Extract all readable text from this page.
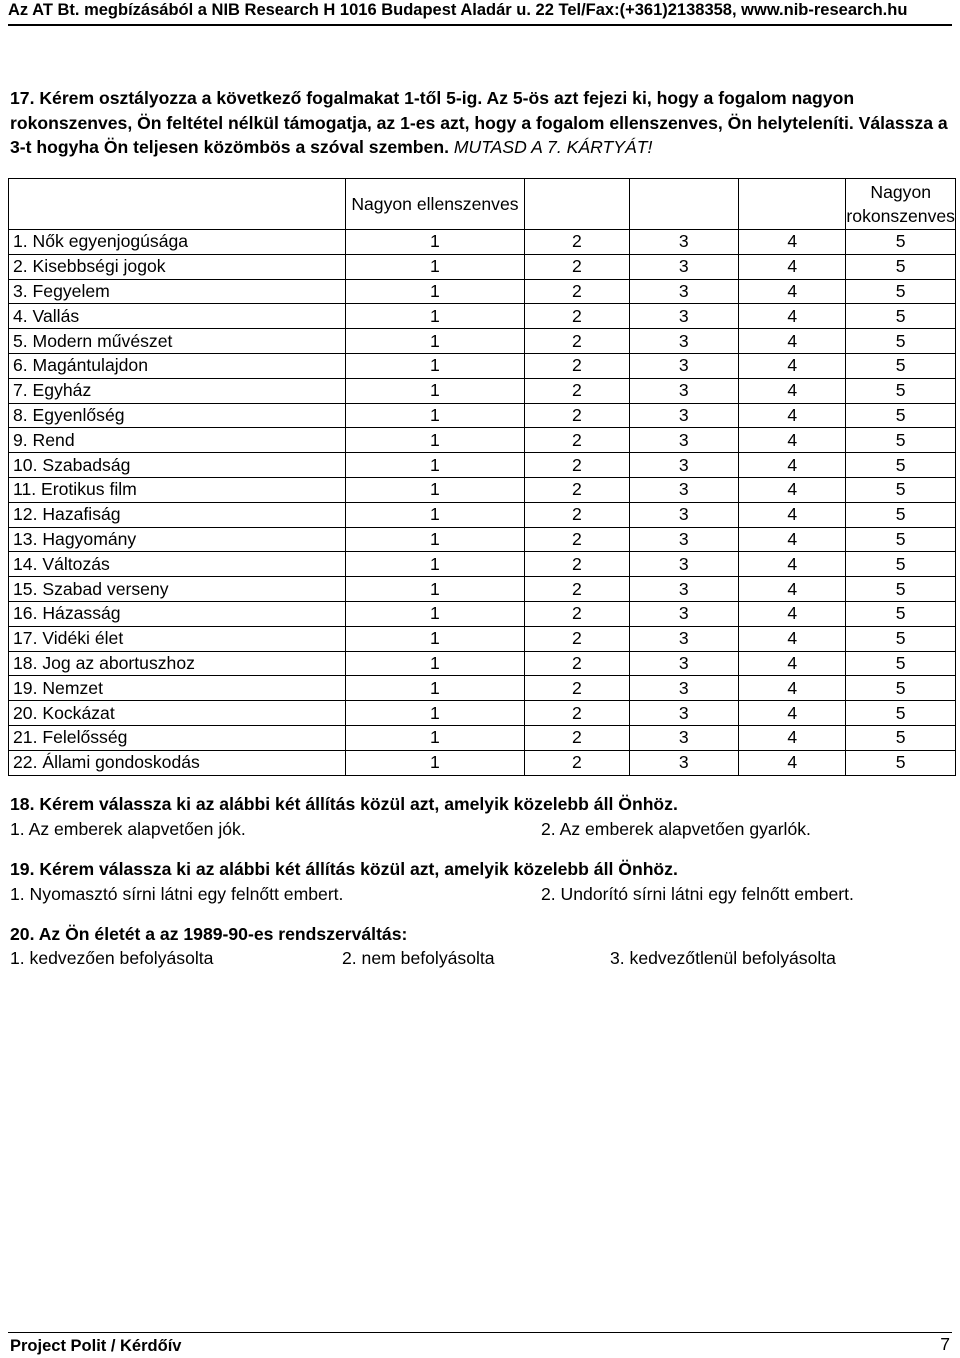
Az AT Bt. megbízásából a NIB Research H 1016 Budapest Aladár u. 22 Tel/Fax:(+361)2138358, www.nib-research.hu
17. Kérem osztályozza a következő fogalmakat 1-től 5-ig. Az 5-ös azt fejezi ki, hogy a fogalom nagyon rokonszenves, Ön feltétel nélkül támogatja, az 1-es azt, hogy a fogalom ellenszenves, Ön helyteleníti. Válassza a 3-t hogyha Ön teljesen közömbös a szóval szemben. MUTASD A 7. KÁRTYÁT!
	Nagyon ellenszenves				Nagyon rokonszenves
1. Nők egyenjogúsága	1	2	3	4	5
2. Kisebbségi jogok	1	2	3	4	5
3. Fegyelem	1	2	3	4	5
4. Vallás	1	2	3	4	5
5. Modern művészet	1	2	3	4	5
6. Magántulajdon	1	2	3	4	5
7. Egyház	1	2	3	4	5
8. Egyenlőség	1	2	3	4	5
9. Rend	1	2	3	4	5
10. Szabadság	1	2	3	4	5
11. Erotikus film	1	2	3	4	5
12. Hazafiság	1	2	3	4	5
13. Hagyomány	1	2	3	4	5
14. Változás	1	2	3	4	5
15. Szabad verseny	1	2	3	4	5
16. Házasság	1	2	3	4	5
17. Vidéki élet	1	2	3	4	5
18. Jog az abortuszhoz	1	2	3	4	5
19. Nemzet	1	2	3	4	5
20. Kockázat	1	2	3	4	5
21. Felelősség	1	2	3	4	5
22. Állami gondoskodás	1	2	3	4	5
18. Kérem válassza ki az alábbi két állítás közül azt, amelyik közelebb áll Önhöz.
1. Az emberek alapvetően jók.	2. Az emberek alapvetően gyarlók.
19. Kérem válassza ki az alábbi két állítás közül azt, amelyik közelebb áll Önhöz.
1. Nyomasztó sírni látni egy felnőtt embert.	2. Undorító sírni látni egy felnőtt embert.
20. Az Ön életét a az 1989-90-es rendszerváltás:
1. kedvezően befolyásolta	2. nem befolyásolta	3. kedvezőtlenül befolyásolta
Project Polit / Kérdőív	7
